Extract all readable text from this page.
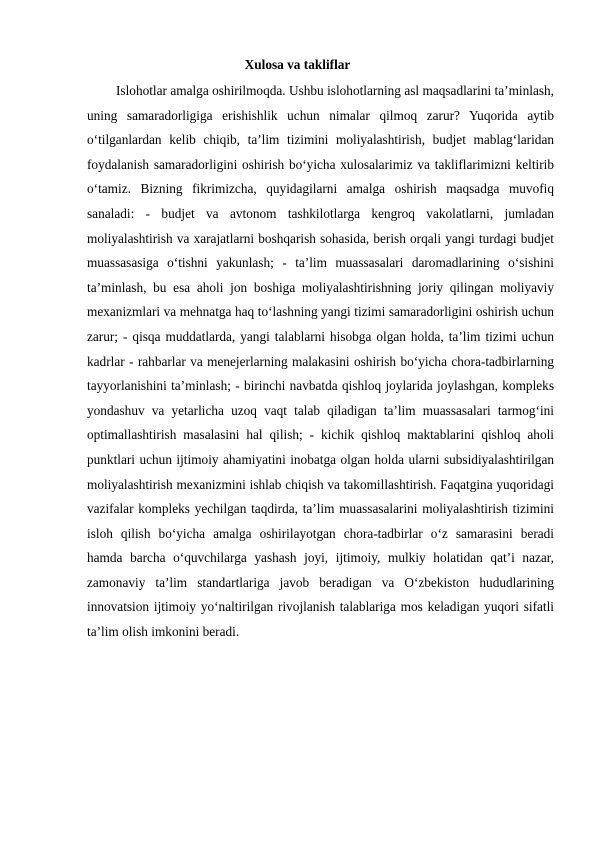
Xulosa va takliflar

Islohotlar amalga oshirilmoqda. Ushbu islohotlarning asl maqsadlarini taʼminlash, uning samaradorligiga erishishlik uchun nimalar qilmoq zarur? Yuqorida aytib oʻtilganlardan kelib chiqib, taʼlim tizimini moliyalashtirish, budjet mablagʻlaridan foydalanish samaradorligini oshirish boʻyicha xulosalarimiz va takliflarimizni keltirib oʻtamiz. Bizning fikrimizcha, quyidagilarni amalga oshirish maqsadga muvofiq sanaladi: - budjet va avtonom tashkilotlarga kengroq vakolatlarni, jumladan moliyalashtirish va xarajatlarni boshqarish sohasida, berish orqali yangi turdagi budjet muassasasiga oʻtishni yakunlash; - taʼlim muassasalari daromadlarining oʻsishini taʼminlash, bu esa aholi jon boshiga moliyalashtirishning joriy qilingan moliyaviy mexanizmlari va mehnatga haq toʻlashning yangi tizimi samaradorligini oshirish uchun zarur; - qisqa muddatlarda, yangi talablarni hisobga olgan holda, taʼlim tizimi uchun kadrlar - rahbarlar va menejerlarning malakasini oshirish boʻyicha chora-tadbirlarning tayyorlanishini taʼminlash; - birinchi navbatda qishloq joylarida joylashgan, kompleks yondashuv va yetarlicha uzoq vaqt talab qiladigan taʼlim muassasalari tarmogʻini optimallashtirish masalasini hal qilish; - kichik qishloq maktablarini qishloq aholi punktlari uchun ijtimoiy ahamiyatini inobatga olgan holda ularni subsidiyalashtirilgan moliyalashtirish mexanizmini ishlab chiqish va takomillashtirish. Faqatgina yuqoridagi vazifalar kompleks yechilgan taqdirda, taʼlim muassasalarini moliyalashtirish tizimini isloh qilish boʻyicha amalga oshirilayotgan chora-tadbirlar oʻz samarasini beradi hamda barcha oʻquvchilarga yashash joyi, ijtimoiy, mulkiy holatidan qatʼi nazar, zamonaviy taʼlim standartlariga javob beradigan va Oʻzbekiston hududlarining innovatsion ijtimoiy yoʻnaltirilgan rivojlanish talablariga mos keladigan yuqori sifatli taʼlim olish imkonini beradi.
